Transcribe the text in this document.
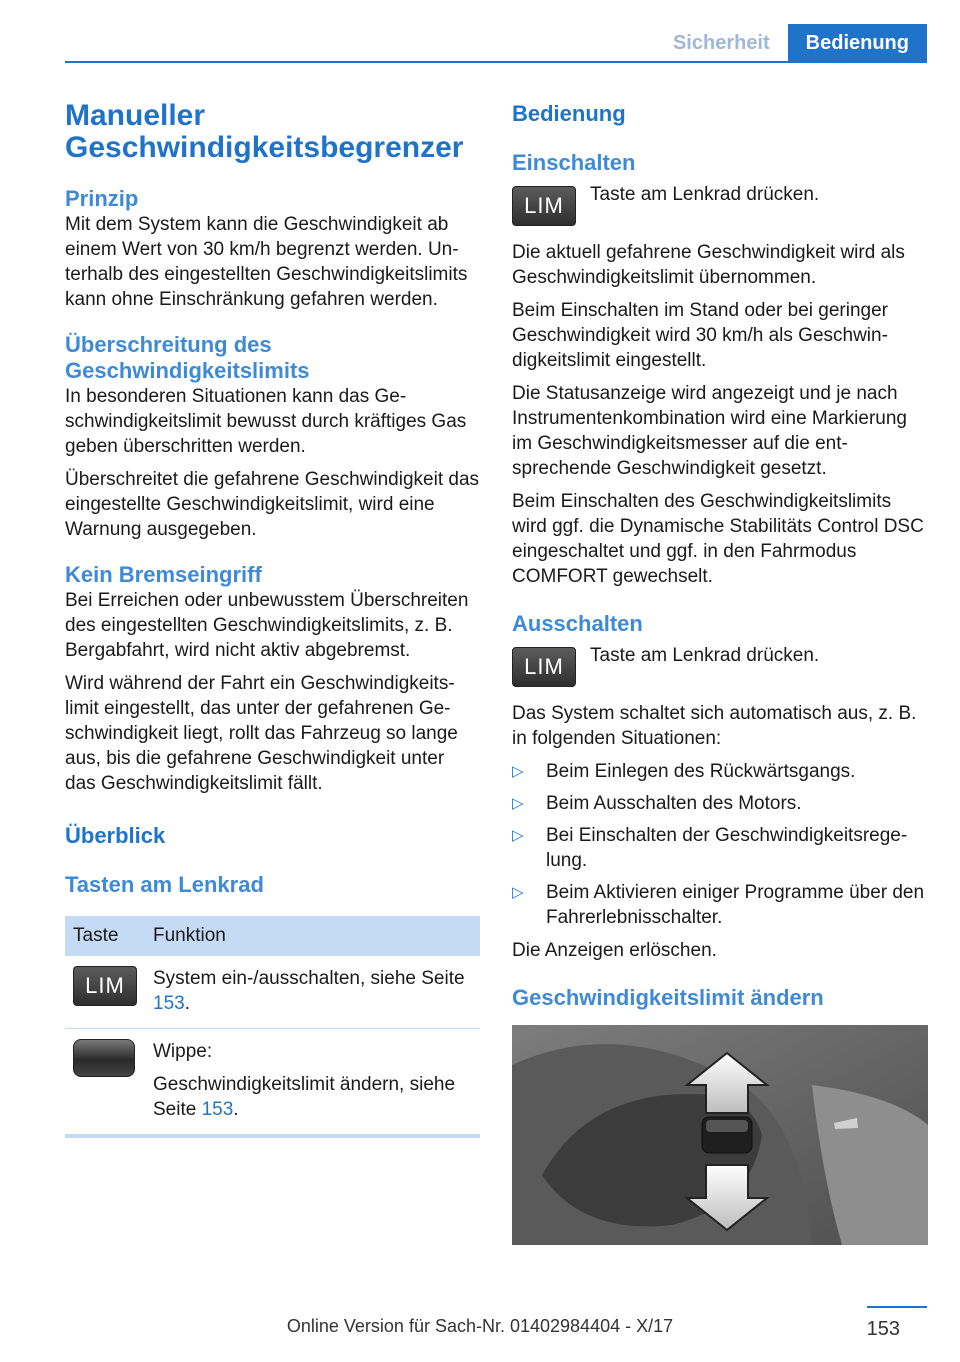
Sicherheit	Bedienung
Manueller Geschwindigkeitsbegrenzer
Prinzip

Mit dem System kann die Geschwindigkeit ab einem Wert von 30 km/h begrenzt werden. Unterhalb des eingestellten Geschwindigkeitslimits kann ohne Einschränkung gefahren werden.

Überschreitung des Geschwindigkeitslimits

In besonderen Situationen kann das Geschwindigkeitslimit bewusst durch kräftiges Gas geben überschritten werden.

Überschreitet die gefahrene Geschwindigkeit das eingestellte Geschwindigkeitslimit, wird eine Warnung ausgegeben.

Kein Bremseingriff

Bei Erreichen oder unbewusstem Überschreiten des eingestellten Geschwindigkeitslimits, z. B. Bergabfahrt, wird nicht aktiv abgebremst.

Wird während der Fahrt ein Geschwindigkeitslimit eingestellt, das unter der gefahrenen Geschwindigkeit liegt, rollt das Fahrzeug so lange aus, bis die gefahrene Geschwindigkeit unter das Geschwindigkeitslimit fällt.

Überblick
Tasten am Lenkrad
Taste	Funktion

LIM	System ein-/ausschalten, siehe Seite 153.

	Wippe:

Geschwindigkeitslimit ändern, siehe Seite 153.
Bedienung
Einschalten
LIM	Taste am Lenkrad drücken.

Die aktuell gefahrene Geschwindigkeit wird als Geschwindigkeitslimit übernommen.

Beim Einschalten im Stand oder bei geringer Geschwindigkeit wird 30 km/h als Geschwindigkeitslimit eingestellt.

Die Statusanzeige wird angezeigt und je nach Instrumentenkombination wird eine Markierung im Geschwindigkeitsmesser auf die entsprechende Geschwindigkeit gesetzt.

Beim Einschalten des Geschwindigkeitslimits wird ggf. die Dynamische Stabilitäts Control DSC eingeschaltet und ggf. in den Fahrmodus COMFORT gewechselt.

Ausschalten
LIM	Taste am Lenkrad drücken.

Das System schaltet sich automatisch aus, z. B. in folgenden Situationen:

▷	Beim Einlegen des Rückwärtsgangs.
▷	Beim Ausschalten des Motors.
▷	Bei Einschalten der Geschwindigkeitsregelung.
▷	Beim Aktivieren einiger Programme über den Fahrerlebnisschalter.

Die Anzeigen erlöschen.

Geschwindigkeitslimit ändern
153
Online Version für Sach-Nr. 01402984404 - X/17
